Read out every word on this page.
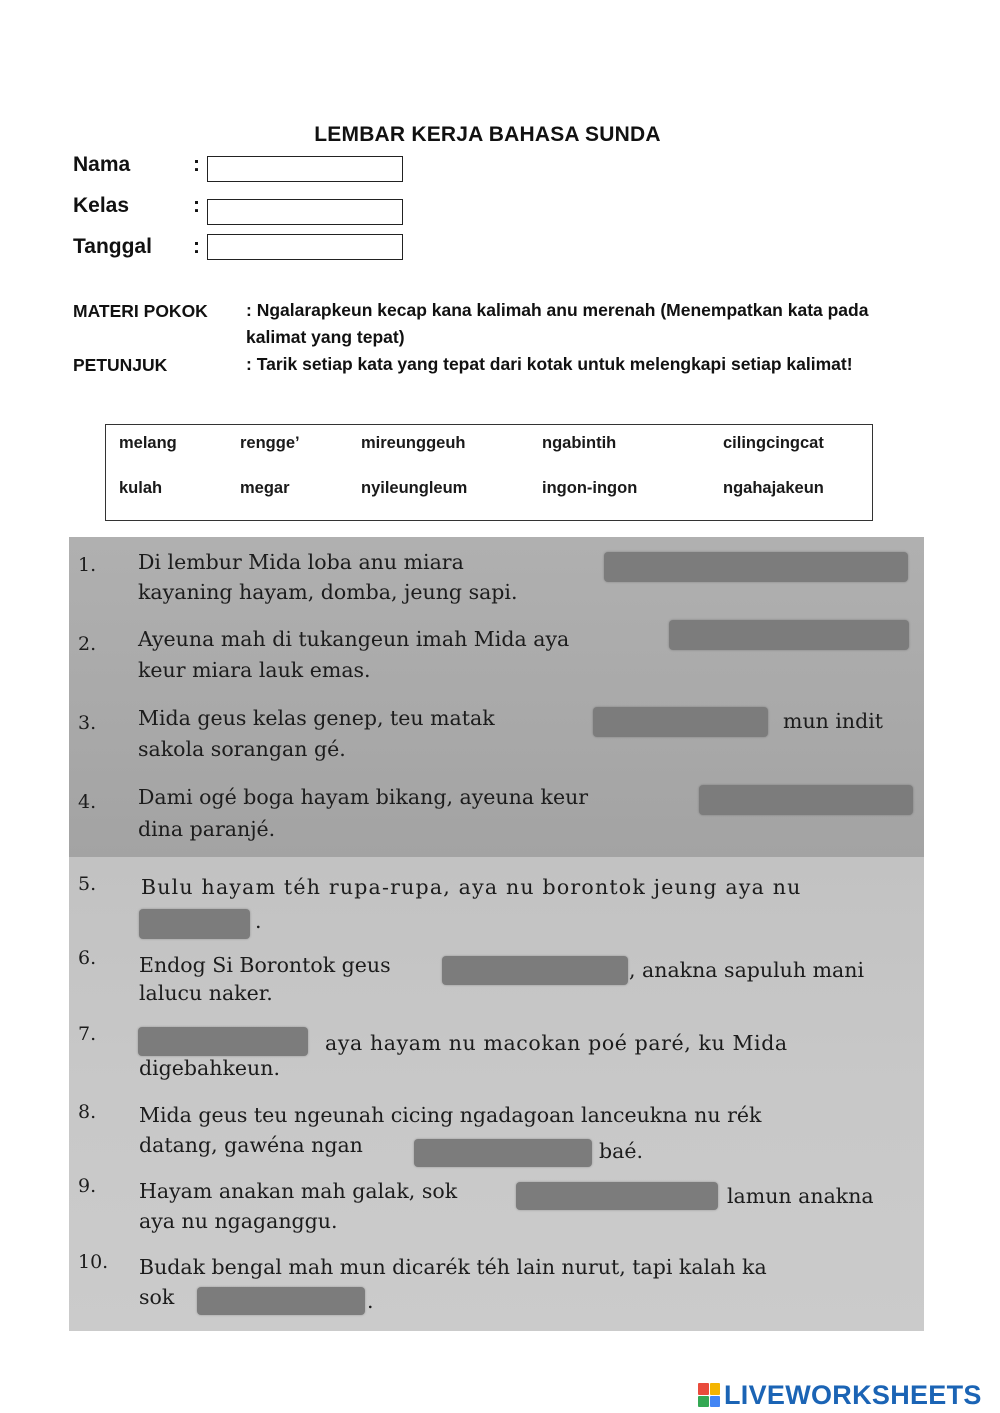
LEMBAR KERJA BAHASA SUNDA
Nama	:
Kelas	:
Tanggal :
MATERI POKOK : Ngalarapkeun kecap kana kalimah anu merenah (Menempatkan kata pada kalimat yang tepat)
PETUNJUK	: Tarik setiap kata yang tepat dari kotak untuk melengkapi setiap kalimat!
melang	rengge’	mireunggeuh	ngabintih	cilingcingcat
kulah	megar	nyileungleum	ingon-ingon	ngahajakeun
1. Di lembur Mida loba anu miara
kayaning hayam, domba, jeung sapi.
2. Ayeuna mah di tukangeun imah Mida aya
keur miara lauk emas.
3. Mida geus kelas genep, teu matak	mun indit
sakola sorangan gé.
4. Dami ogé boga hayam bikang, ayeuna keur
dina paranjé.
5. Bulu hayam téh rupa-rupa, aya nu borontok jeung aya nu
.
6. Endog Si Borontok geus	, anakna sapuluh mani
lalucu naker.
7.	aya hayam nu macokan poé paré, ku Mida
digebahkeun.
8. Mida geus teu ngeunah cicing ngadagoan lanceukna nu rék
datang, gawéna ngan	baé.
9. Hayam anakan mah galak, sok	lamun anakna
aya nu ngaganggu.
10. Budak bengal mah mun dicarék téh lain nurut, tapi kalah ka
sok	.
LIVEWORKSHEETS
